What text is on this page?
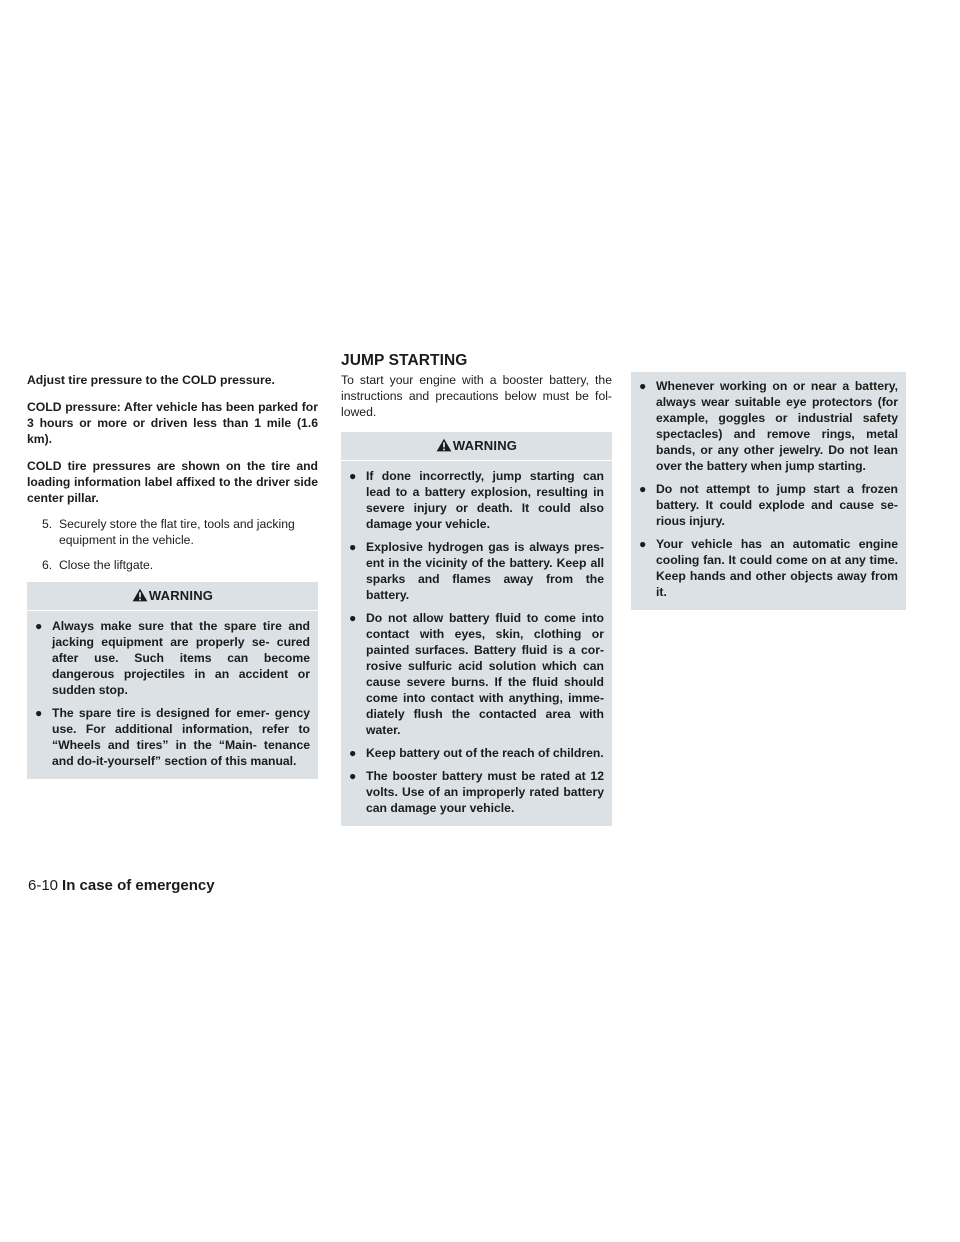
JUMP STARTING

Adjust tire pressure to the COLD pressure.

COLD pressure: After vehicle has been parked for 3 hours or more or driven less than 1 mile (1.6 km).

COLD tire pressures are shown on the tire and loading information label affixed to the driver side center pillar.

5. Securely store the flat tire, tools and jacking equipment in the vehicle.
6. Close the liftgate.
WARNING
● Always make sure that the spare tire and jacking equipment are properly se- cured after use. Such items can become dangerous projectiles in an accident or sudden stop.
● The spare tire is designed for emer- gency use. For additional information, refer to “Wheels and tires” in the “Main- tenance and do-it-yourself” section of this manual.

To start your engine with a booster battery, the instructions and precautions below must be fol- lowed.

WARNING
● If done incorrectly, jump starting can lead to a battery explosion, resulting in severe injury or death. It could also damage your vehicle.
● Explosive hydrogen gas is always pres- ent in the vicinity of the battery. Keep all sparks and flames away from the battery.
● Do not allow battery fluid to come into contact with eyes, skin, clothing or painted surfaces. Battery fluid is a cor- rosive sulfuric acid solution which can cause severe burns. If the fluid should come into contact with anything, imme- diately flush the contacted area with water.
● Keep battery out of the reach of children.
● The booster battery must be rated at 12 volts. Use of an improperly rated battery can damage your vehicle.
● Whenever working on or near a battery, always wear suitable eye protectors (for example, goggles or industrial safety spectacles) and remove rings, metal bands, or any other jewelry. Do not lean over the battery when jump starting.
● Do not attempt to jump start a frozen battery. It could explode and cause se- rious injury.
● Your vehicle has an automatic engine cooling fan. It could come on at any time. Keep hands and other objects away from it.
6-10 In case of emergency
